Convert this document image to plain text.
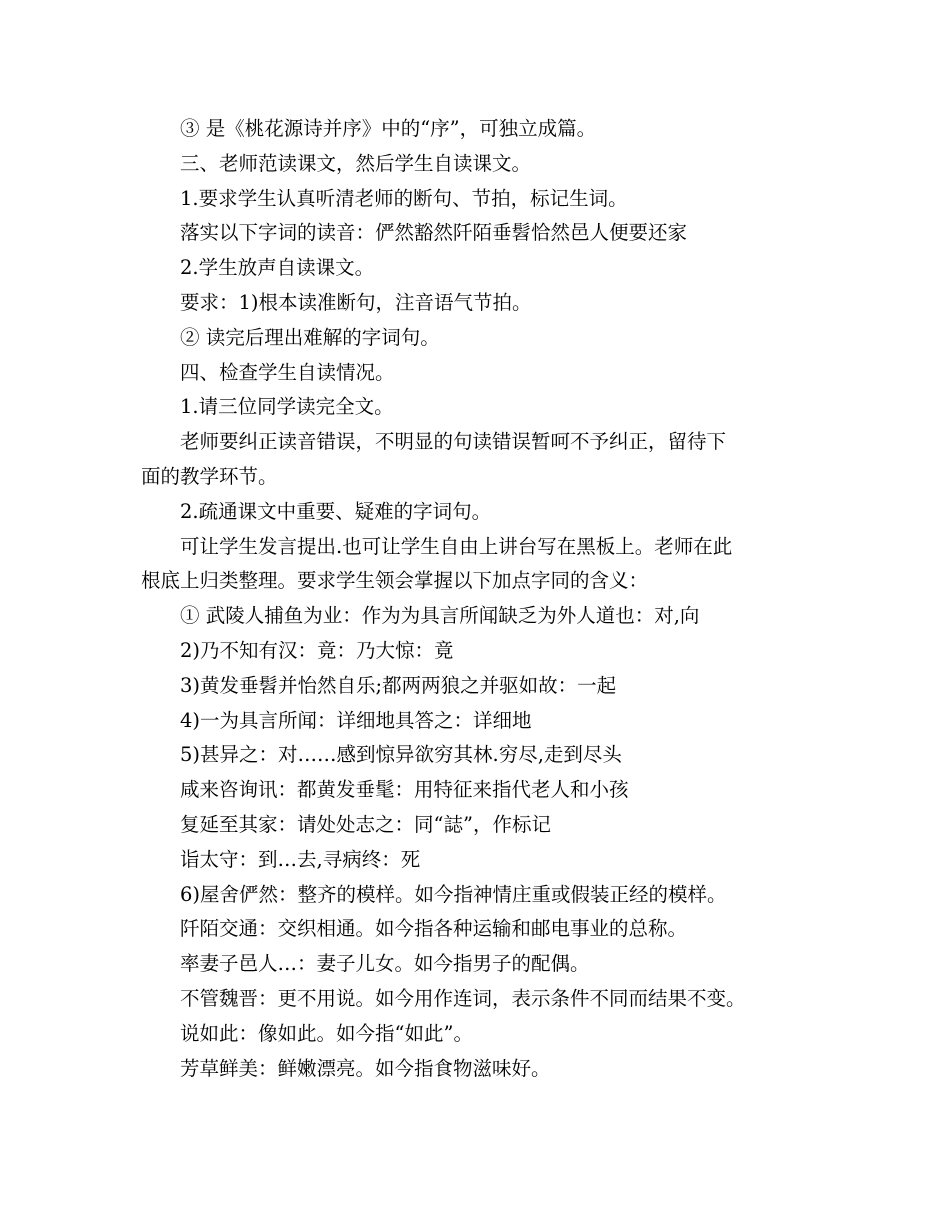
③ 是《桃花源诗并序》中的“序”，可独立成篇。
三、老师范读课文，然后学生自读课文。
1.要求学生认真听清老师的断句、节拍，标记生词。
落实以下字词的读音：俨然豁然阡陌垂髫恰然邑人便要还家
2.学生放声自读课文。
要求：1)根本读准断句，注音语气节拍。
② 读完后理出难解的字词句。
四、检查学生自读情况。
1.请三位同学读完全文。
老师要纠正读音错误，不明显的句读错误暂呵不予纠正，留待下
面的教学环节。
2.疏通课文中重要、疑难的字词句。
可让学生发言提出.也可让学生自由上讲台写在黑板上。老师在此
根底上归类整理。要求学生领会掌握以下加点字同的含义：
① 武陵人捕鱼为业：作为为具言所闻缺乏为外人道也：对,向
2)乃不知有汉：竟：乃大惊：竟
3)黄发垂髫并怡然自乐;都两两狼之并驱如故：一起
4)一为具言所闻：详细地具答之：详细地
5)甚异之：对……感到惊异欲穷其林.穷尽,走到尽头
咸来咨询讯：都黄发垂髦：用特征来指代老人和小孩
复延至其家：请处处志之：同“誌”，作标记
诣太守：到…去,寻病终：死
6)屋舍俨然：整齐的模样。如今指神情庄重或假装正经的模样。
阡陌交通：交织相通。如今指各种运输和邮电事业的总称。
率妻子邑人…：妻子儿女。如今指男子的配偶。
不管魏晋：更不用说。如今用作连词，表示条件不同而结果不变。
说如此：像如此。如今指“如此”。
芳草鲜美：鲜嫩漂亮。如今指食物滋味好。
